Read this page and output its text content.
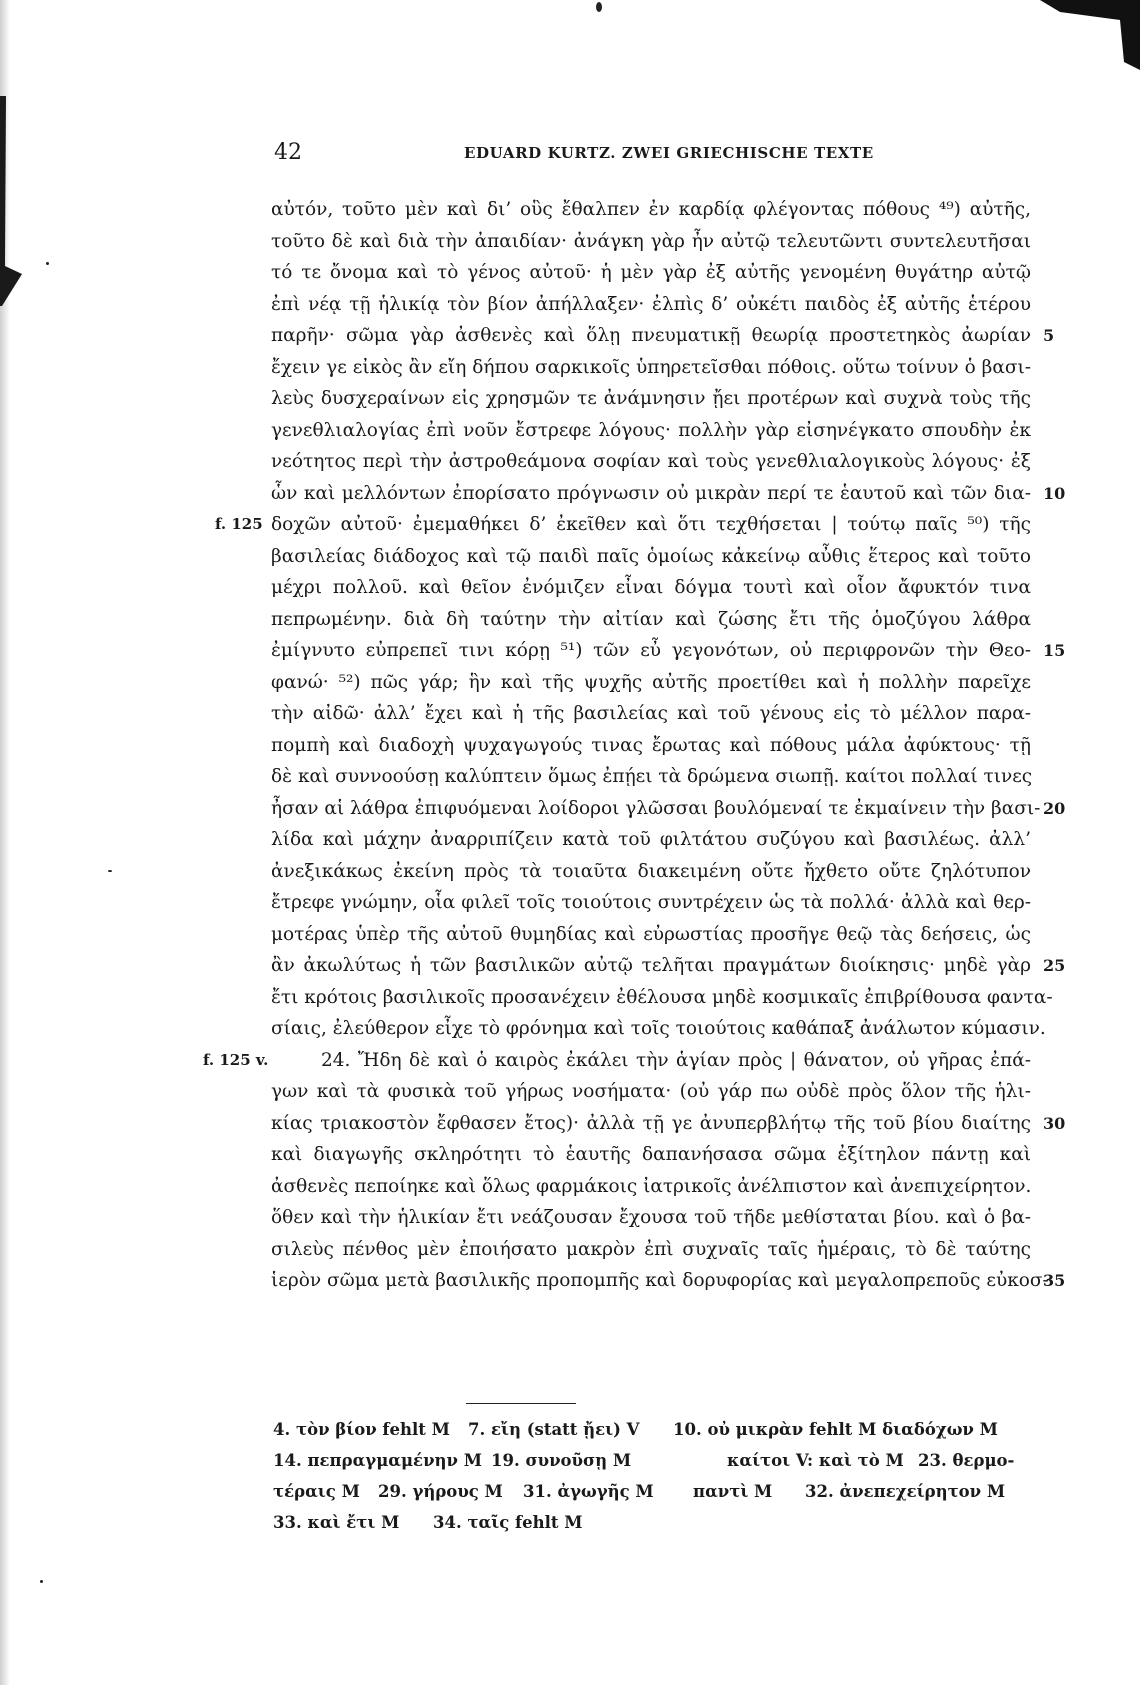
42	EDUARD KURTZ. ZWEI GRIECHISCHE TEXTE
αὐτόν, τοῦτο μὲν καὶ δι’ οὓς ἔθαλπεν ἐν καρδίᾳ φλέγοντας πόθους ⁴⁹) αὐτῆς,
τοῦτο δὲ καὶ διὰ τὴν ἀπαιδίαν· ἀνάγκη γὰρ ἦν αὐτῷ τελευτῶντι συντελευτῆσαι
τό τε ὄνομα καὶ τὸ γένος αὐτοῦ· ἡ μὲν γὰρ ἐξ αὐτῆς γενομένη θυγάτηρ αὐτῷ
ἐπὶ νέᾳ τῇ ἡλικίᾳ τὸν βίον ἀπήλλαξεν· ἐλπὶς δ’ οὐκέτι παιδὸς ἐξ αὐτῆς ἑτέρου
παρῆν· σῶμα γὰρ ἀσθενὲς καὶ ὅλῃ πνευματικῇ θεωρίᾳ προστετηκὸς ἀωρίαν 5
ἔχειν γε εἰκὸς ἂν εἴη δήπου σαρκικοῖς ὑπηρετεῖσθαι πόθοις. οὕτω τοίνυν ὁ βασι-
λεὺς δυσχεραίνων εἰς χρησμῶν τε ἀνάμνησιν ᾔει προτέρων καὶ συχνὰ τοὺς τῆς
γενεθλιαλογίας ἐπὶ νοῦν ἔστρεφε λόγους· πολλὴν γὰρ εἰσηνέγκατο σπουδὴν ἐκ
νεότητος περὶ τὴν ἀστροθεάμονα σοφίαν καὶ τοὺς γενεθλιαλογικοὺς λόγους· ἐξ
ὧν καὶ μελλόντων ἐπορίσατο πρόγνωσιν οὐ μικρὰν περί τε ἑαυτοῦ καὶ τῶν δια- 10
δοχῶν αὐτοῦ· ἐμεμαθήκει δ’ ἐκεῖθεν καὶ ὅτι τεχθήσεται | τούτῳ παῖς ⁵⁰) τῆς
f. 125
βασιλείας διάδοχος καὶ τῷ παιδὶ παῖς ὁμοίως κἀκείνῳ αὖθις ἕτερος καὶ τοῦτο
μέχρι πολλοῦ. καὶ θεῖον ἐνόμιζεν εἶναι δόγμα τουτὶ καὶ οἷον ἄφυκτόν τινα
πεπρωμένην. διὰ δὴ ταύτην τὴν αἰτίαν καὶ ζώσης ἔτι τῆς ὁμοζύγου λάθρα
ἐμίγνυτο εὐπρεπεῖ τινι κόρῃ ⁵¹) τῶν εὖ γεγονότων, οὐ περιφρονῶν τὴν Θεο- 15
φανώ· ⁵²) πῶς γάρ; ἣν καὶ τῆς ψυχῆς αὐτῆς προετίθει καὶ ἡ πολλὴν παρεῖχε
τὴν αἰδῶ· ἀλλ’ ἔχει καὶ ἡ τῆς βασιλείας καὶ τοῦ γένους εἰς τὸ μέλλον παρα-
πομπὴ καὶ διαδοχὴ ψυχαγωγούς τινας ἔρωτας καὶ πόθους μάλα ἀφύκτους· τῇ
δὲ καὶ συννοούσῃ καλύπτειν ὅμως ἐπῄει τὰ δρώμενα σιωπῇ. καίτοι πολλαί τινες
ἦσαν αἱ λάθρα ἐπιφυόμεναι λοίδοροι γλῶσσαι βουλόμεναί τε ἐκμαίνειν τὴν βασι- 20
λίδα καὶ μάχην ἀναρριπίζειν κατὰ τοῦ φιλτάτου συζύγου καὶ βασιλέως. ἀλλ’
ἀνεξικάκως ἐκείνη πρὸς τὰ τοιαῦτα διακειμένη οὔτε ἤχθετο οὔτε ζηλότυπον
ἔτρεφε γνώμην, οἷα φιλεῖ τοῖς τοιούτοις συντρέχειν ὡς τὰ πολλά· ἀλλὰ καὶ θερ-
μοτέρας ὑπὲρ τῆς αὐτοῦ θυμηδίας καὶ εὐρωστίας προσῆγε θεῷ τὰς δεήσεις, ὡς
ἂν ἀκωλύτως ἡ τῶν βασιλικῶν αὐτῷ τελῆται πραγμάτων διοίκησις· μηδὲ γὰρ 25
ἔτι κρότοις βασιλικοῖς προσανέχειν ἐθέλουσα μηδὲ κοσμικαῖς ἐπιβρίθουσα φαντα-
σίαις, ἐλεύθερον εἶχε τὸ φρόνημα καὶ τοῖς τοιούτοις καθάπαξ ἀνάλωτον κύμασιν.
24. Ἤδη δὲ καὶ ὁ καιρὸς ἐκάλει τὴν ἁγίαν πρὸς | θάνατον, οὐ γῆρας ἐπά-
f. 125 v.
γων καὶ τὰ φυσικὰ τοῦ γήρως νοσήματα· (οὐ γάρ πω οὐδὲ πρὸς ὅλον τῆς ἡλι-
κίας τριακοστὸν ἔφθασεν ἔτος)· ἀλλὰ τῇ γε ἀνυπερβλήτῳ τῆς τοῦ βίου διαίτης 30
καὶ διαγωγῆς σκληρότητι τὸ ἑαυτῆς δαπανήσασα σῶμα ἐξίτηλον πάντῃ καὶ
ἀσθενὲς πεποίηκε καὶ ὅλως φαρμάκοις ἰατρικοῖς ἀνέλπιστον καὶ ἀνεπιχείρητον.
ὅθεν καὶ τὴν ἡλικίαν ἔτι νεάζουσαν ἔχουσα τοῦ τῆδε μεθίσταται βίου. καὶ ὁ βα-
σιλεὺς πένθος μὲν ἐποιήσατο μακρὸν ἐπὶ συχναῖς ταῖς ἡμέραις, τὸ δὲ ταύτης
ἱερὸν σῶμα μετὰ βασιλικῆς προπομπῆς καὶ δορυφορίας καὶ μεγαλοπρεποῦς εὐκοσ-
35
4. τὸν βίον fehlt M 7. εἴη (statt ᾔει) V 10. οὐ μικρὰν fehlt M διαδόχων M
14. πεπραγμαμένην M 19. συνοῦσῃ M	καίτοι V: καὶ τὸ M 23. θερμο-
τέραις M 29. γήρους M 31. ἀγωγῆς M παντὶ M 32. ἀνεπεχείρητον M
33. καὶ ἔτι M 34. ταῖς fehlt M
